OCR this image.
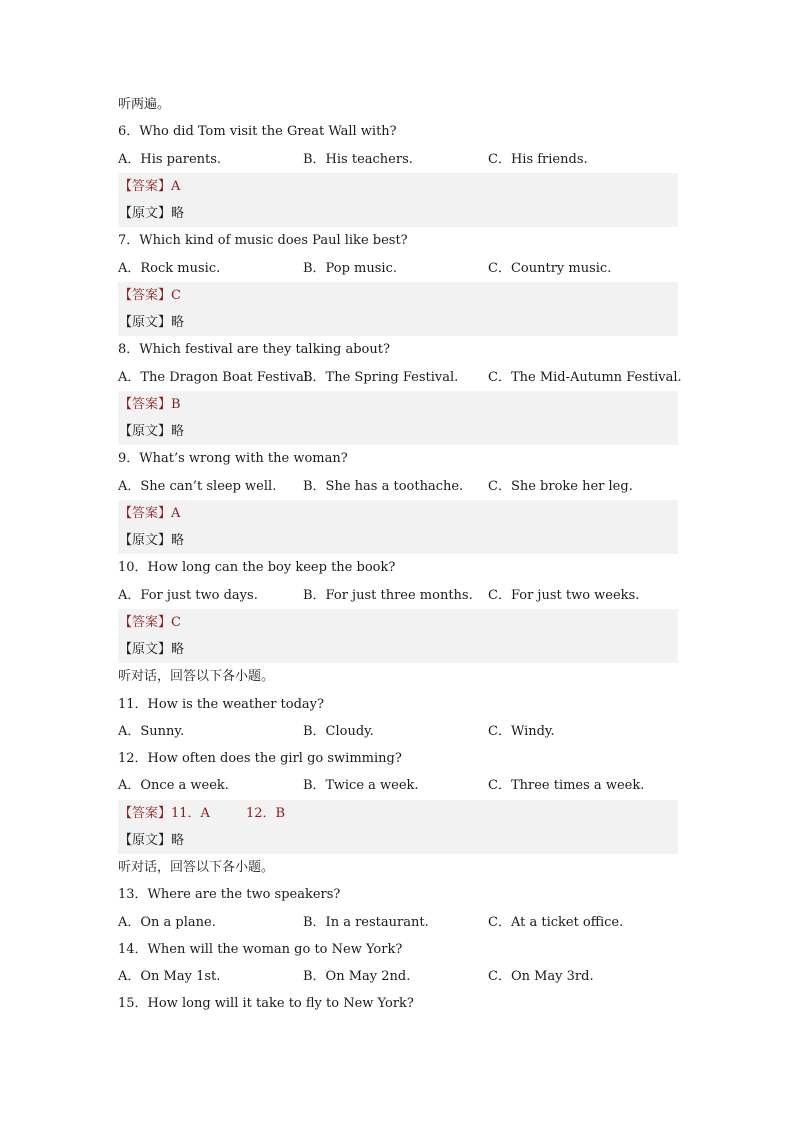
听两遍。
6．Who did Tom visit the Great Wall with?
A．His parents.	B．His teachers.	C．His friends.
【答案】A
【原文】略
7．Which kind of music does Paul like best?
A．Rock music.	B．Pop music.	C．Country music.
【答案】C
【原文】略
8．Which festival are they talking about?
A．The Dragon Boat Festival.
B．The Spring Festival.	C．The Mid-Autumn Festival.
【答案】B
【原文】略
9．What’s wrong with the woman?
A．She can’t sleep well.	B．She has a toothache.	C．She broke her leg.
【答案】A
【原文】略
10．How long can the boy keep the book?
A．For just two days.	B．For just three months.	C．For just two weeks.
【答案】C
【原文】略
听对话，回答以下各小题。
11．How is the weather today?
A．Sunny.	B．Cloudy.	C．Windy.
12．How often does the girl go swimming?
A．Once a week.	B．Twice a week.	C．Three times a week.
【答案】11．A	12．B
【原文】略
听对话，回答以下各小题。
13．Where are the two speakers?
A．On a plane.	B．In a restaurant.	C．At a ticket office.
14．When will the woman go to New York?
A．On May 1st.	B．On May 2nd.	C．On May 3rd.
15．How long will it take to fly to New York?
